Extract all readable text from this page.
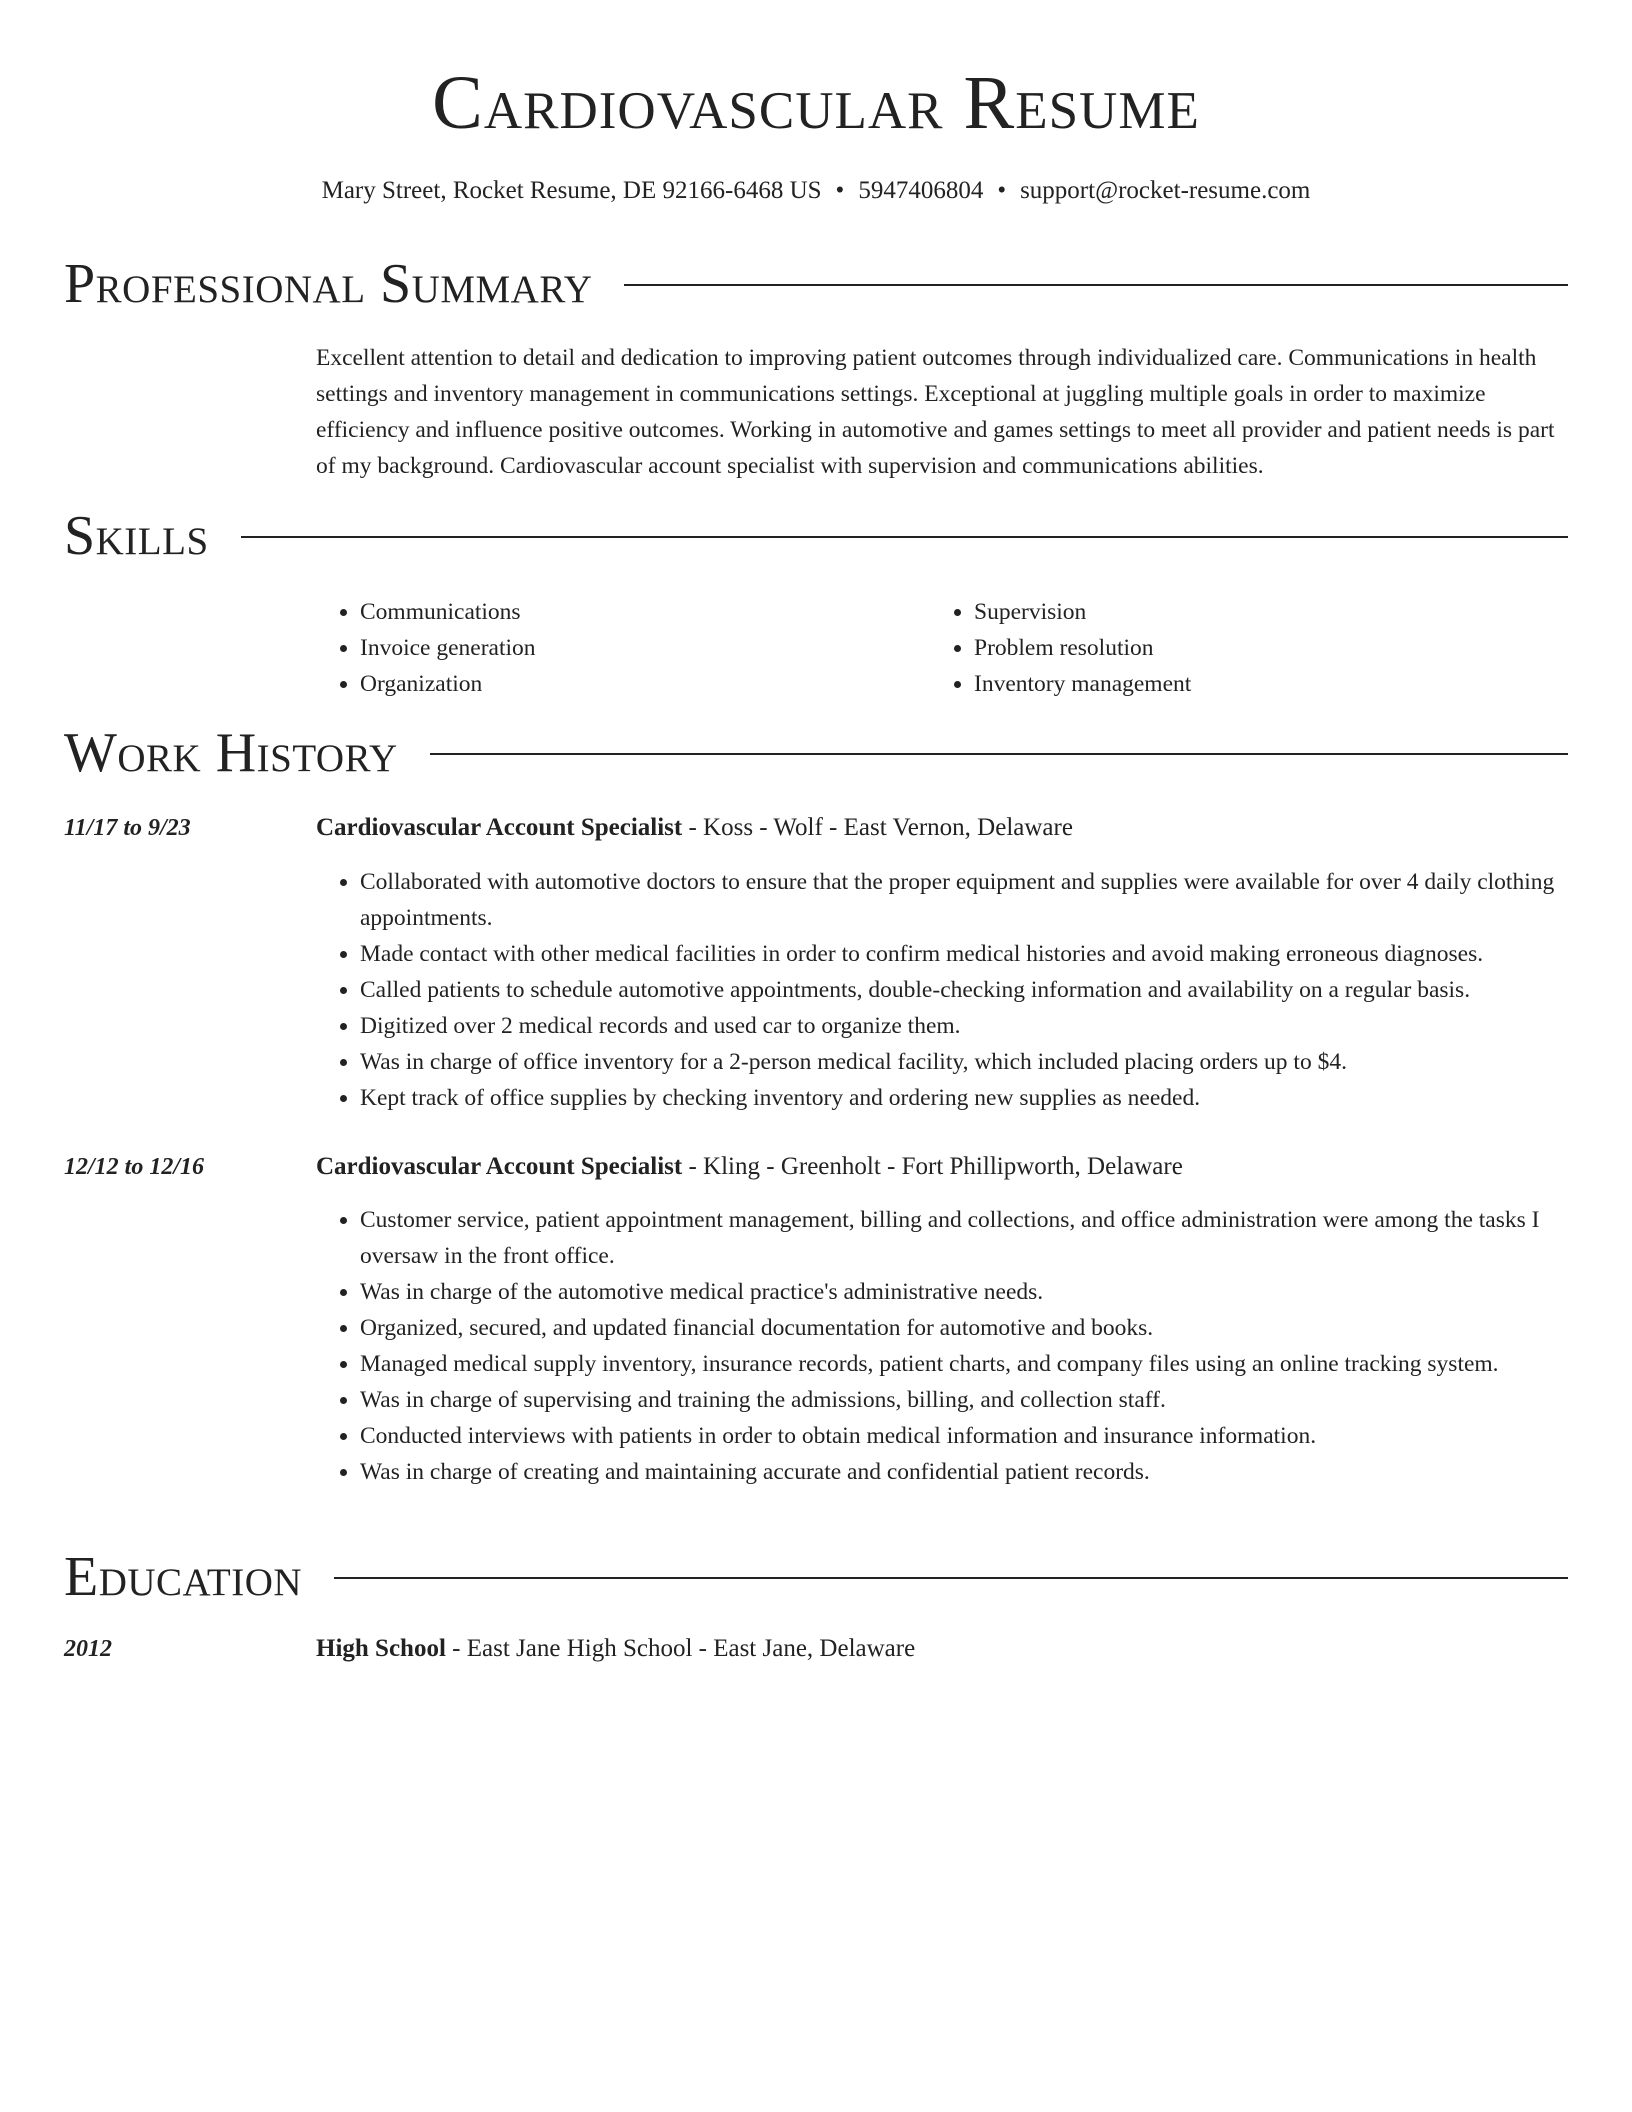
Cardiovascular Resume
Mary Street, Rocket Resume, DE 92166-6468 US • 5947406804 • support@rocket-resume.com
Professional Summary

Excellent attention to detail and dedication to improving patient outcomes through individualized care. Communications in health settings and inventory management in communications settings. Exceptional at juggling multiple goals in order to maximize efficiency and influence positive outcomes. Working in automotive and games settings to meet all provider and patient needs is part of my background. Cardiovascular account specialist with supervision and communications abilities.

Skills
• Communications
• Invoice generation
• Organization
• Supervision
• Problem resolution
• Inventory management
Work History
11/17 to 9/23	Cardiovascular Account Specialist - Koss - Wolf - East Vernon, Delaware
• Collaborated with automotive doctors to ensure that the proper equipment and supplies were available for over 4 daily clothing appointments.
• Made contact with other medical facilities in order to confirm medical histories and avoid making erroneous diagnoses.
• Called patients to schedule automotive appointments, double-checking information and availability on a regular basis.
• Digitized over 2 medical records and used car to organize them.
• Was in charge of office inventory for a 2-person medical facility, which included placing orders up to $4.
• Kept track of office supplies by checking inventory and ordering new supplies as needed.
12/12 to 12/16	Cardiovascular Account Specialist - Kling - Greenholt - Fort Phillipworth, Delaware
• Customer service, patient appointment management, billing and collections, and office administration were among the tasks I oversaw in the front office.
• Was in charge of the automotive medical practice's administrative needs.
• Organized, secured, and updated financial documentation for automotive and books.
• Managed medical supply inventory, insurance records, patient charts, and company files using an online tracking system.
• Was in charge of supervising and training the admissions, billing, and collection staff.
• Conducted interviews with patients in order to obtain medical information and insurance information.
• Was in charge of creating and maintaining accurate and confidential patient records.
Education
2012	High School - East Jane High School - East Jane, Delaware
